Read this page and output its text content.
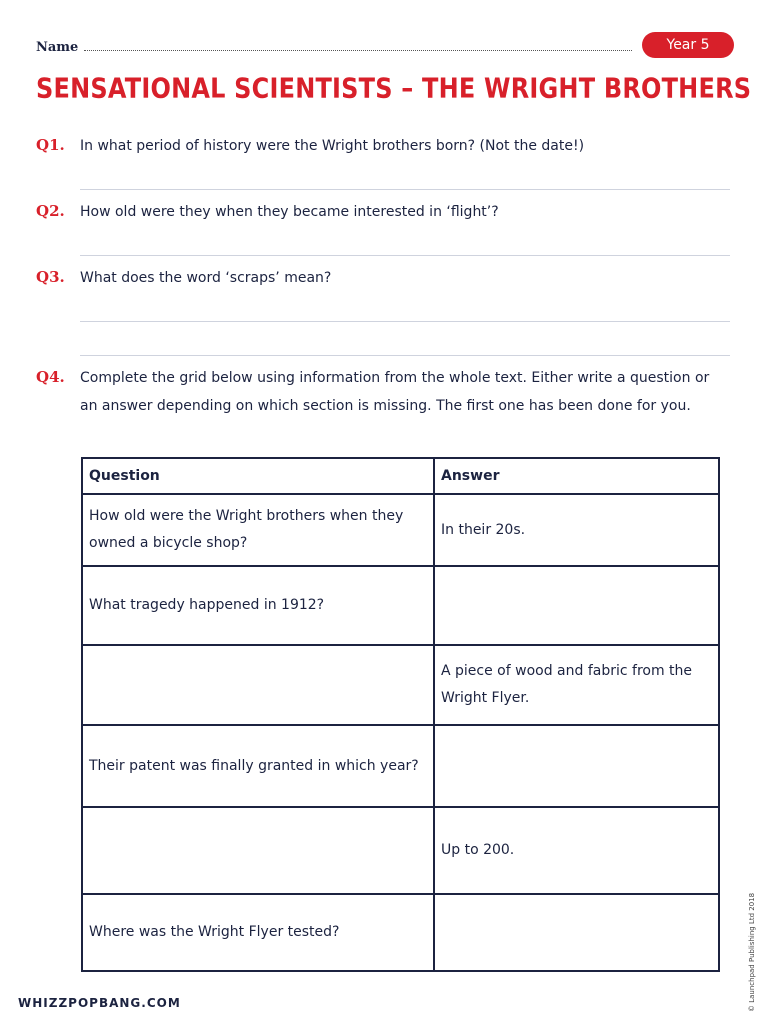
Name	Year 5
SENSATIONAL SCIENTISTS – THE WRIGHT BROTHERS
Q1. In what period of history were the Wright brothers born? (Not the date!)
Q2. How old were they when they became interested in ‘flight’?
Q3. What does the word ‘scraps’ mean?
Q4. Complete the grid below using information from the whole text. Either write a question or an answer depending on which section is missing. The first one has been done for you.
Question	Answer
How old were the Wright brothers when they owned a bicycle shop?	In their 20s.
What tragedy happened in 1912?	
	A piece of wood and fabric from the Wright Flyer.
Their patent was finally granted in which year?	
	Up to 200.
Where was the Wright Flyer tested?	
WHIZZPOPBANG.COM	© Launchpad Publishing Ltd 2018
